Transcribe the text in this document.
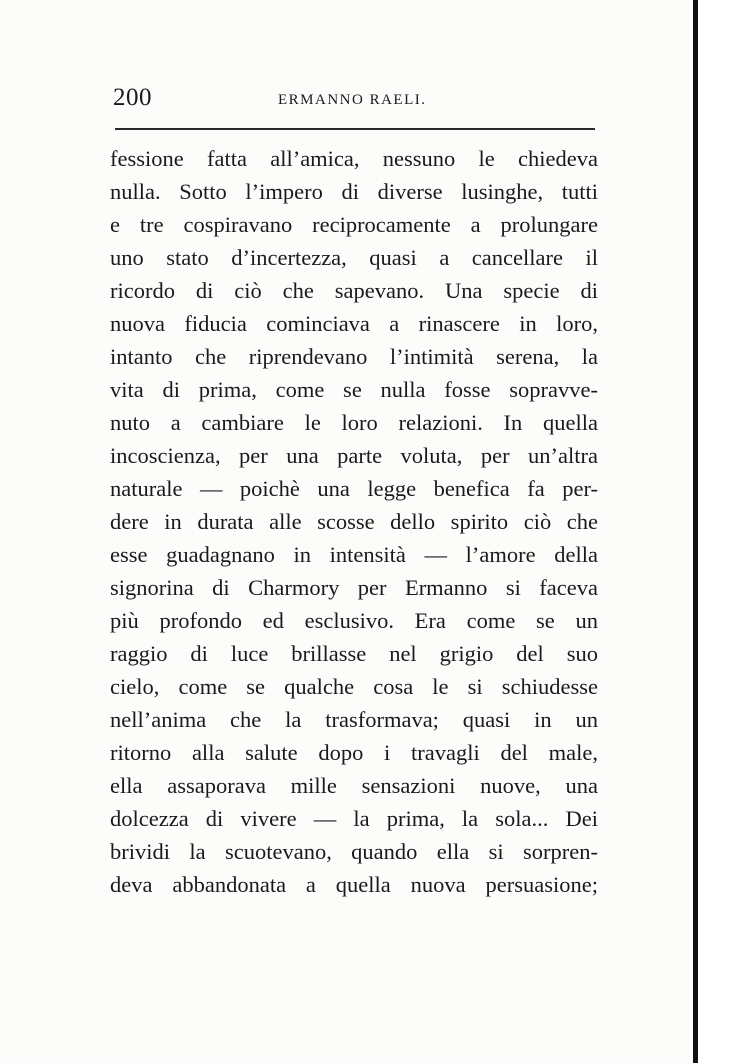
200	ERMANNO RAELI.
fessione fatta all’amica, nessuno le chiedeva
nulla. Sotto l’impero di diverse lusinghe, tutti
e tre cospiravano reciprocamente a prolungare
uno stato d’incertezza, quasi a cancellare il
ricordo di ciò che sapevano. Una specie di
nuova fiducia cominciava a rinascere in loro,
intanto che riprendevano l’intimità serena, la
vita di prima, come se nulla fosse sopravve-
nuto a cambiare le loro relazioni. In quella
incoscienza, per una parte voluta, per un’altra
naturale — poichè una legge benefica fa per-
dere in durata alle scosse dello spirito ciò che
esse guadagnano in intensità — l’amore della
signorina di Charmory per Ermanno si faceva
più profondo ed esclusivo. Era come se un
raggio di luce brillasse nel grigio del suo
cielo, come se qualche cosa le si schiudesse
nell’anima che la trasformava; quasi in un
ritorno alla salute dopo i travagli del male,
ella assaporava mille sensazioni nuove, una
dolcezza di vivere — la prima, la sola... Dei
brividi la scuotevano, quando ella si sorpren-
deva abbandonata a quella nuova persuasione;
